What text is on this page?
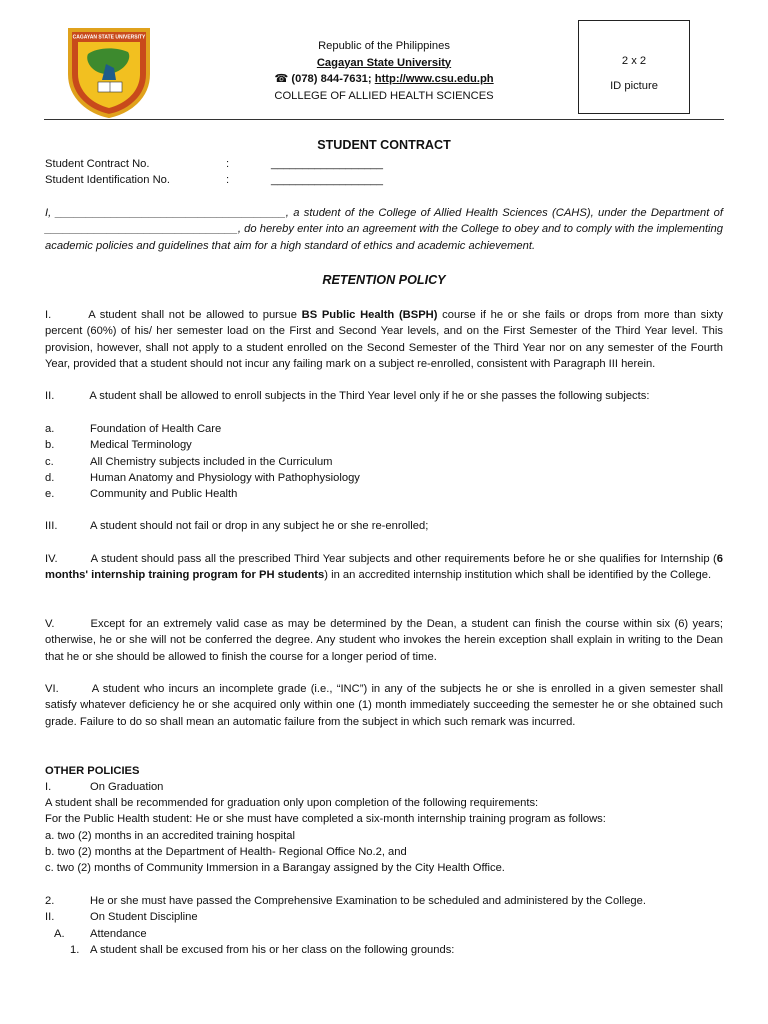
CAGAYAN STATE UNIVERSITY
Republic of the Philippines
Cagayan State University
☎ (078) 844-7631; http://www.csu.edu.ph
COLLEGE OF ALLIED HEALTH SCIENCES
2 x 2
ID picture
STUDENT CONTRACT
Student Contract No.	:	__________________
Student Identification No.	:	__________________
I, _____________________________________, a student of the College of Allied Health Sciences (CAHS), under the Department of _______________________________, do hereby enter into an agreement with the College to obey and to comply with the implementing academic policies and guidelines that aim for a high standard of ethics and academic achievement.
RETENTION POLICY
I.	A student shall not be allowed to pursue BS Public Health (BSPH) course if he or she fails or drops from more than sixty percent (60%) of his/ her semester load on the First and Second Year levels, and on the First Semester of the Third Year level. This provision, however, shall not apply to a student enrolled on the Second Semester of the Third Year nor on any semester of the Fourth Year, provided that a student should not incur any failing mark on a subject re-enrolled, consistent with Paragraph III herein.
II.	A student shall be allowed to enroll subjects in the Third Year level only if he or she passes the following subjects:
a.	Foundation of Health Care
b.	Medical Terminology
c.	All Chemistry subjects included in the Curriculum
d.	Human Anatomy and Physiology with Pathophysiology
e.	Community and Public Health
III.	A student should not fail or drop in any subject he or she re-enrolled;
IV.	A student should pass all the prescribed Third Year subjects and other requirements before he or she qualifies for Internship (6 months' internship training program for PH students) in an accredited internship institution which shall be identified by the College.
V.	Except for an extremely valid case as may be determined by the Dean, a student can finish the course within six (6) years; otherwise, he or she will not be conferred the degree. Any student who invokes the herein exception shall explain in writing to the Dean that he or she should be allowed to finish the course for a longer period of time.
VI.	A student who incurs an incomplete grade (i.e., “INC”) in any of the subjects he or she is enrolled in a given semester shall satisfy whatever deficiency he or she acquired only within one (1) month immediately succeeding the semester he or she obtained such grade. Failure to do so shall mean an automatic failure from the subject in which such remark was incurred.
OTHER POLICIES
I.	On Graduation
A student shall be recommended for graduation only upon completion of the following requirements:
For the Public Health student: He or she must have completed a six-month internship training program as follows:
a. two (2) months in an accredited training hospital
b. two (2) months at the Department of Health- Regional Office No.2, and
c. two (2) months of Community Immersion in a Barangay assigned by the City Health Office.
2.	He or she must have passed the Comprehensive Examination to be scheduled and administered by the College.
II.	On Student Discipline
A. Attendance
1. A student shall be excused from his or her class on the following grounds:
